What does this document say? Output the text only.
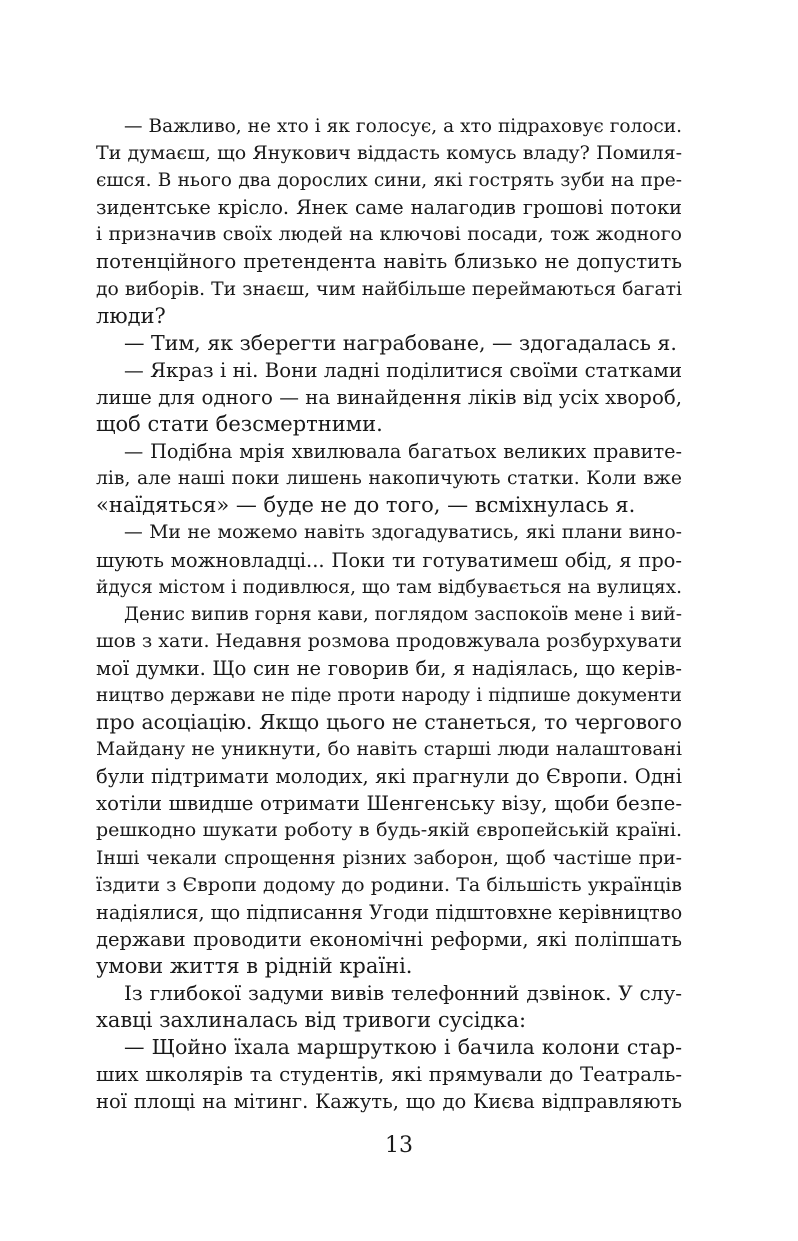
— Важливо, не хто і як голосує, а хто підраховує голоси.
Ти думаєш, що Янукович віддасть комусь владу? Помиля-
єшся. В нього два дорослих сини, які гострять зуби на пре-
зидентське крісло. Янек саме налагодив грошові потоки
і призначив своїх людей на ключові посади, тож жодного
потенційного претендента навіть близько не допустить
до виборів. Ти знаєш, чим найбільше переймаються багаті
люди?
— Тим, як зберегти награбоване, — здогадалась я.
— Якраз і ні. Вони ладні поділитися своїми статками
лише для одного — на винайдення ліків від усіх хвороб,
щоб стати безсмертними.
— Подібна мрія хвилювала багатьох великих правите-
лів, але наші поки лишень накопичують статки. Коли вже
«наїдяться» — буде не до того, — всміхнулась я.
— Ми не можемо навіть здогадуватись, які плани вино-
шують можновладці... Поки ти готуватимеш обід, я про-
йдуся містом і подивлюся, що там відбувається на вулицях.
Денис випив горня кави, поглядом заспокоїв мене і вий-
шов з хати. Недавня розмова продовжувала розбурхувати
мої думки. Що син не говорив би, я надіялась, що керів-
ництво держави не піде проти народу і підпише документи
про асоціацію. Якщо цього не станеться, то чергового
Майдану не уникнути, бо навіть старші люди налаштовані
були підтримати молодих, які прагнули до Європи. Одні
хотіли швидше отримати Шенгенську візу, щоби безпе-
решкодно шукати роботу в будь-якій європейській країні.
Інші чекали спрощення різних заборон, щоб частіше при-
їздити з Європи додому до родини. Та більшість українців
надіялися, що підписання Угоди підштовхне керівництво
держави проводити економічні реформи, які поліпшать
умови життя в рідній країні.
Із глибокої задуми вивів телефонний дзвінок. У слу-
хавці захлиналась від тривоги сусідка:
— Щойно їхала маршруткою і бачила колони стар-
ших школярів та студентів, які прямували до Театраль-
ної площі на мітинг. Кажуть, що до Києва відправляють
13
